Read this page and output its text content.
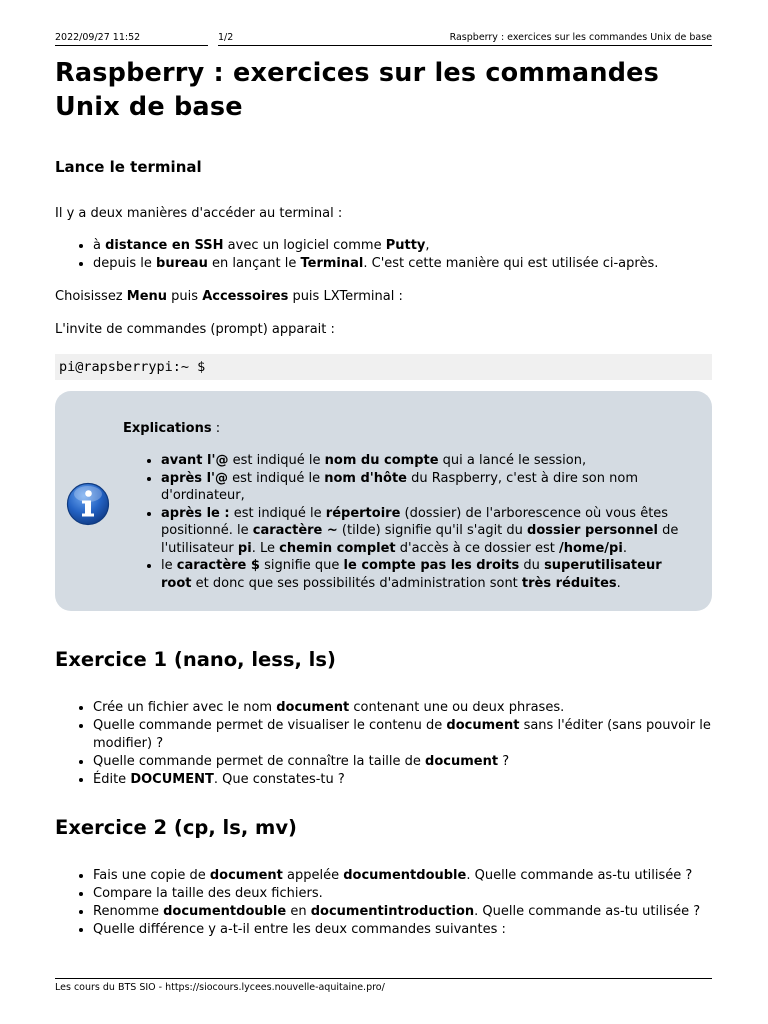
2022/09/27 11:52	1/2	Raspberry : exercices sur les commandes Unix de base
Raspberry : exercices sur les commandes Unix de base
Lance le terminal

Il y a deux manières d'accéder au terminal :

• à distance en SSH avec un logiciel comme Putty,
• depuis le bureau en lançant le Terminal. C'est cette manière qui est utilisée ci-après.

Choisissez Menu puis Accessoires puis LXTerminal :

L'invite de commandes (prompt) apparait :

pi@rapsberrypi:~ $
Explications :
• avant l'@ est indiqué le nom du compte qui a lancé le session,
• après l'@ est indiqué le nom d'hôte du Raspberry, c'est à dire son nom d'ordinateur,
• après le : est indiqué le répertoire (dossier) de l'arborescence où vous êtes positionné. le caractère ~ (tilde) signifie qu'il s'agit du dossier personnel de l'utilisateur pi. Le chemin complet d'accès à ce dossier est /home/pi.
• le caractère $ signifie que le compte pas les droits du superutilisateur root et donc que ses possibilités d'administration sont très réduites.
Exercice 1 (nano, less, ls)
• Crée un fichier avec le nom document contenant une ou deux phrases.
• Quelle commande permet de visualiser le contenu de document sans l'éditer (sans pouvoir le modifier) ?
• Quelle commande permet de connaître la taille de document ?
• Édite DOCUMENT. Que constates-tu ?
Exercice 2 (cp, ls, mv)
• Fais une copie de document appelée documentdouble. Quelle commande as-tu utilisée ?
• Compare la taille des deux fichiers.
• Renomme documentdouble en documentintroduction. Quelle commande as-tu utilisée ?
• Quelle différence y a-t-il entre les deux commandes suivantes :
Les cours du BTS SIO - https://siocours.lycees.nouvelle-aquitaine.pro/
